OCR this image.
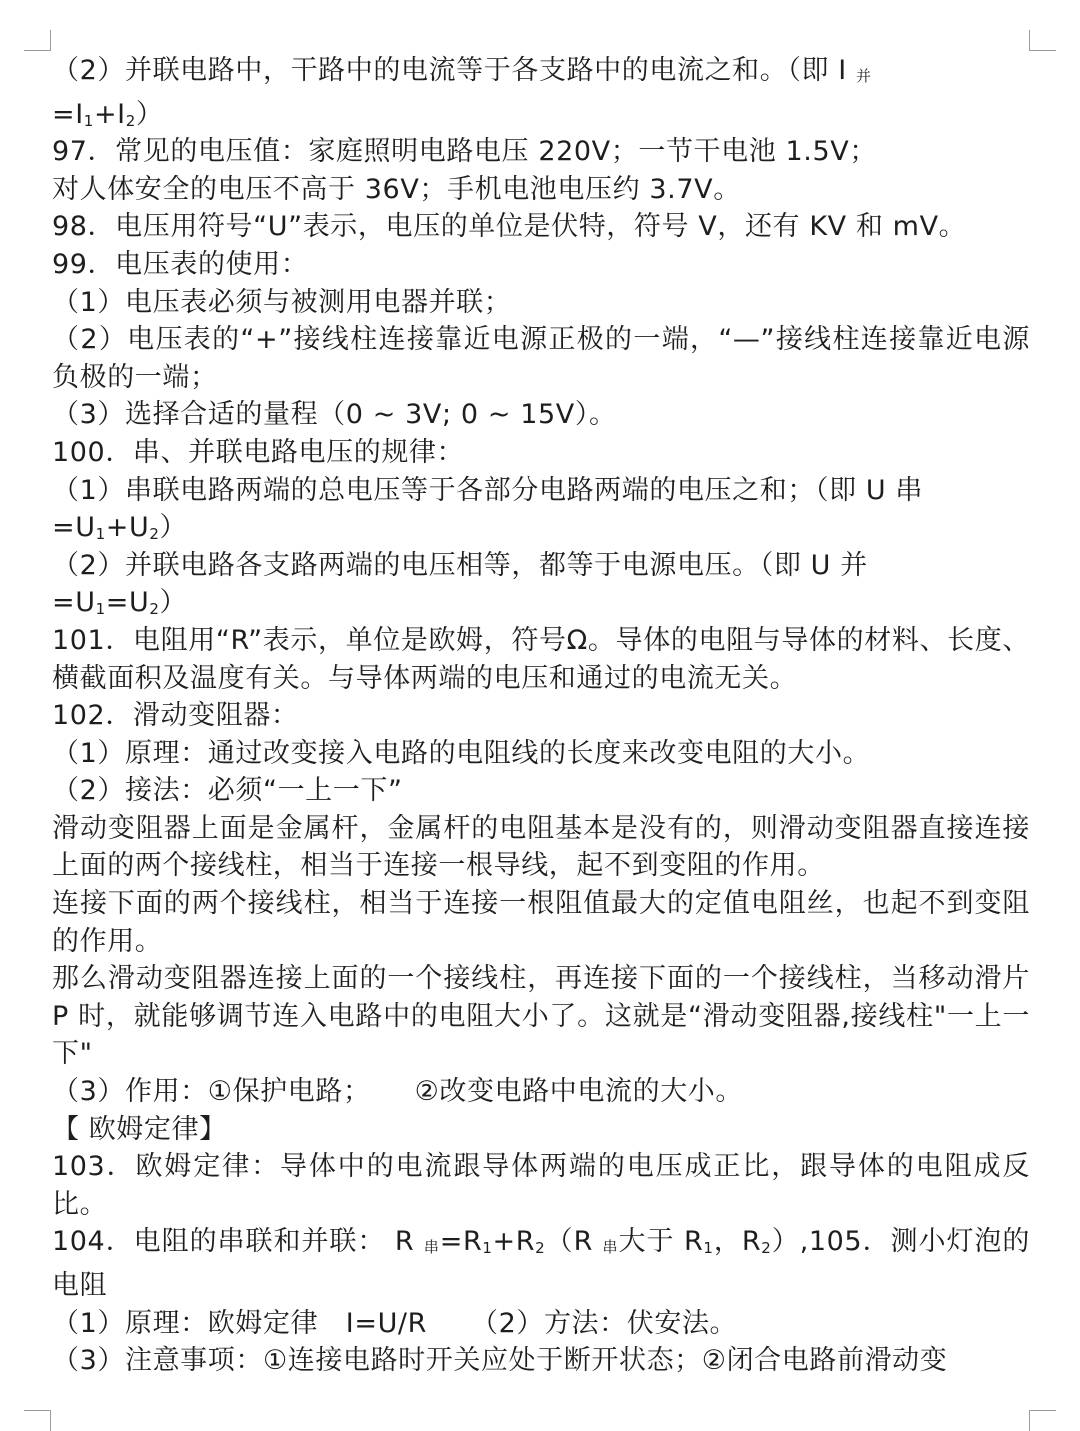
（2）并联电路中，干路中的电流等于各支路中的电流之和。（即 I 并
$=I_1+I_2$）

97．常见的电压值：家庭照明电路电压 220V；一节干电池 1.5V；

对人体安全的电压不高于 36V；手机电池电压约 3.7V。

98．电压用符号“U”表示，电压的单位是伏特，符号 V，还有 KV 和 mV。

99．电压表的使用：

（1）电压表必须与被测用电器并联；

（2）电压表的“+”接线柱连接靠近电源正极的一端，“—”接线柱连接靠近电源负极的一端；

（3）选择合适的量程（0 ~ 3V; 0 ~ 15V）。

100．串、并联电路电压的规律：

（1）串联电路两端的总电压等于各部分电路两端的电压之和；（即 U 串
$=U_1+U_2$）

（2）并联电路各支路两端的电压相等，都等于电源电压。（即 U 并
$=U_1=U_2$）

101．电阻用“R”表示，单位是欧姆，符号Ω。导体的电阻与导体的材料、长度、横截面积及温度有关。与导体两端的电压和通过的电流无关。

102．滑动变阻器：

（1）原理：通过改变接入电路的电阻线的长度来改变电阻的大小。

（2）接法：必须“一上一下”

滑动变阻器上面是金属杆，金属杆的电阻基本是没有的，则滑动变阻器直接连接上面的两个接线柱，相当于连接一根导线，起不到变阻的作用。

连接下面的两个接线柱，相当于连接一根阻值最大的定值电阻丝，也起不到变阻的作用。

那么滑动变阻器连接上面的一个接线柱，再连接下面的一个接线柱，当移动滑片 P 时，就能够调节连入电路中的电阻大小了。这就是“滑动变阻器,接线柱"一上一下"

（3）作用：①保护电路； ②改变电路中电流的大小。

【 欧姆定律】

103．欧姆定律：导体中的电流跟导体两端的电压成正比，跟导体的电阻成反比。

104．电阻的串联和并联： R 串$=R_1+R_2(R$ 串大于 $R_1$，$R_2),105$．测小灯泡的电阻

（1）原理：欧姆定律　I=U/R （2）方法：伏安法。

（3）注意事项：①连接电路时开关应处于断开状态；②闭合电路前滑动变
